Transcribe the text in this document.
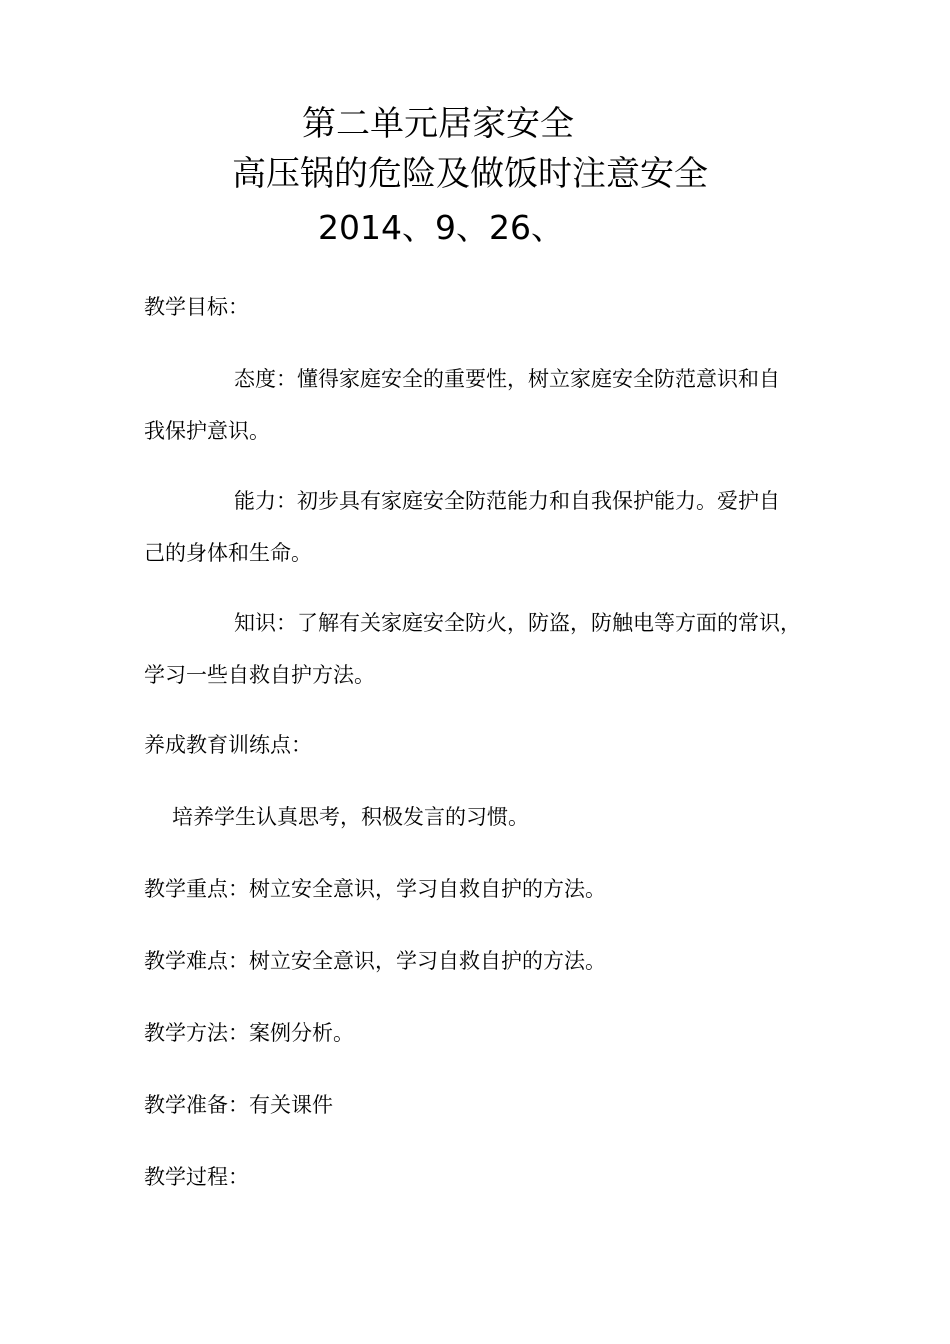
第二单元居家安全
高压锅的危险及做饭时注意安全
2014、9、26、
教学目标：
态度：懂得家庭安全的重要性，树立家庭安全防范意识和自
我保护意识。
能力：初步具有家庭安全防范能力和自我保护能力。爱护自
己的身体和生命。
知识：了解有关家庭安全防火，防盗，防触电等方面的常识，
学习一些自救自护方法。
养成教育训练点：
培养学生认真思考，积极发言的习惯。
教学重点：树立安全意识，学习自救自护的方法。
教学难点：树立安全意识，学习自救自护的方法。
教学方法：案例分析。
教学准备：有关课件
教学过程：
